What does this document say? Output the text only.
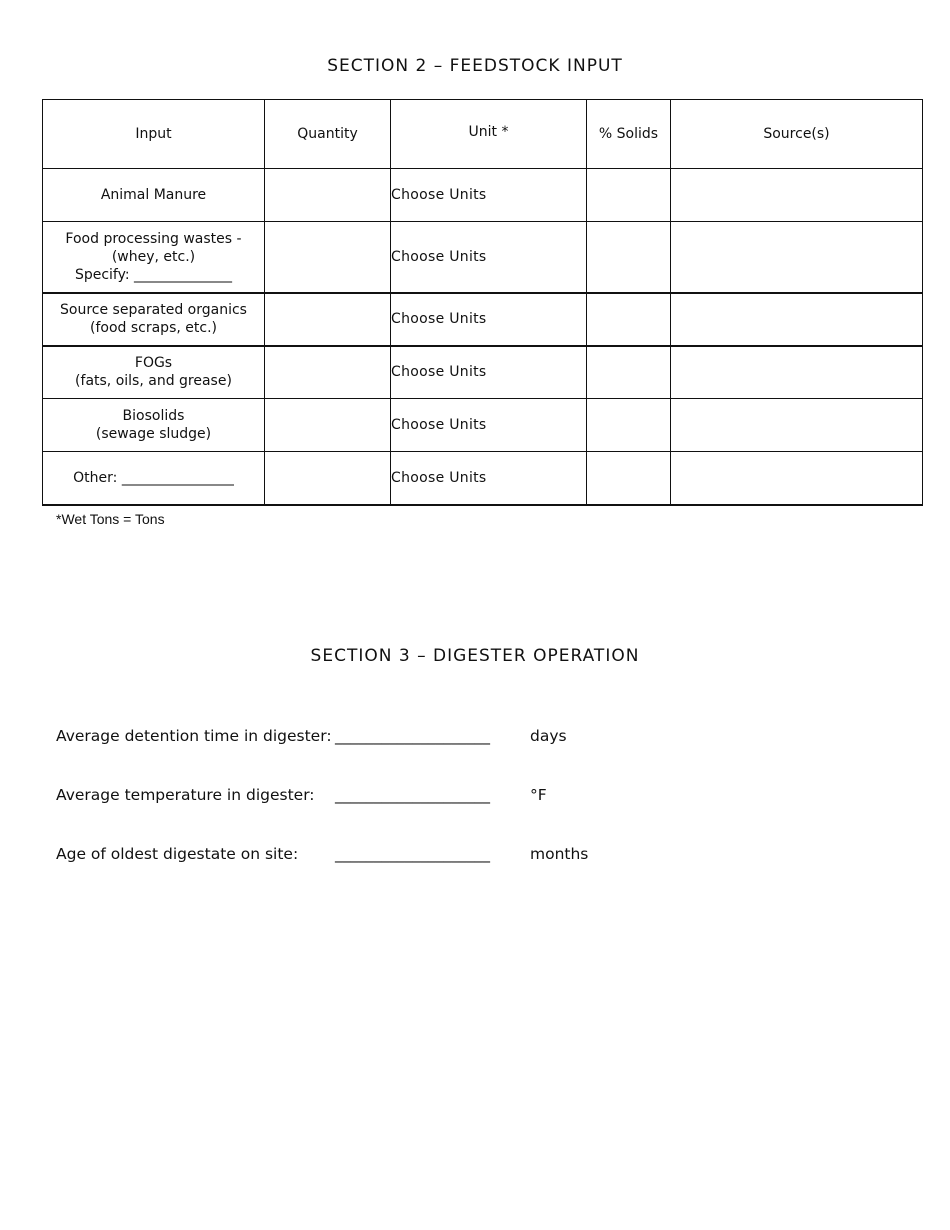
SECTION 2 – FEEDSTOCK INPUT
Input	Quantity	Unit *	% Solids	Source(s)

Animal Manure		Choose Units		

Food processing wastes -
(whey, etc.)
Specify: ______________		Choose Units		

Source separated organics
(food scraps, etc.)		Choose Units		

FOGs
(fats, oils, and grease)		Choose Units		

Biosolids
(sewage sludge)		Choose Units		

Other: ________________		Choose Units		
*Wet Tons = Tons
SECTION 3 – DIGESTER OPERATION
Average detention time in digester: ____________________	days
Average temperature in digester: ____________________	°F
Age of oldest digestate on site: ____________________	months
